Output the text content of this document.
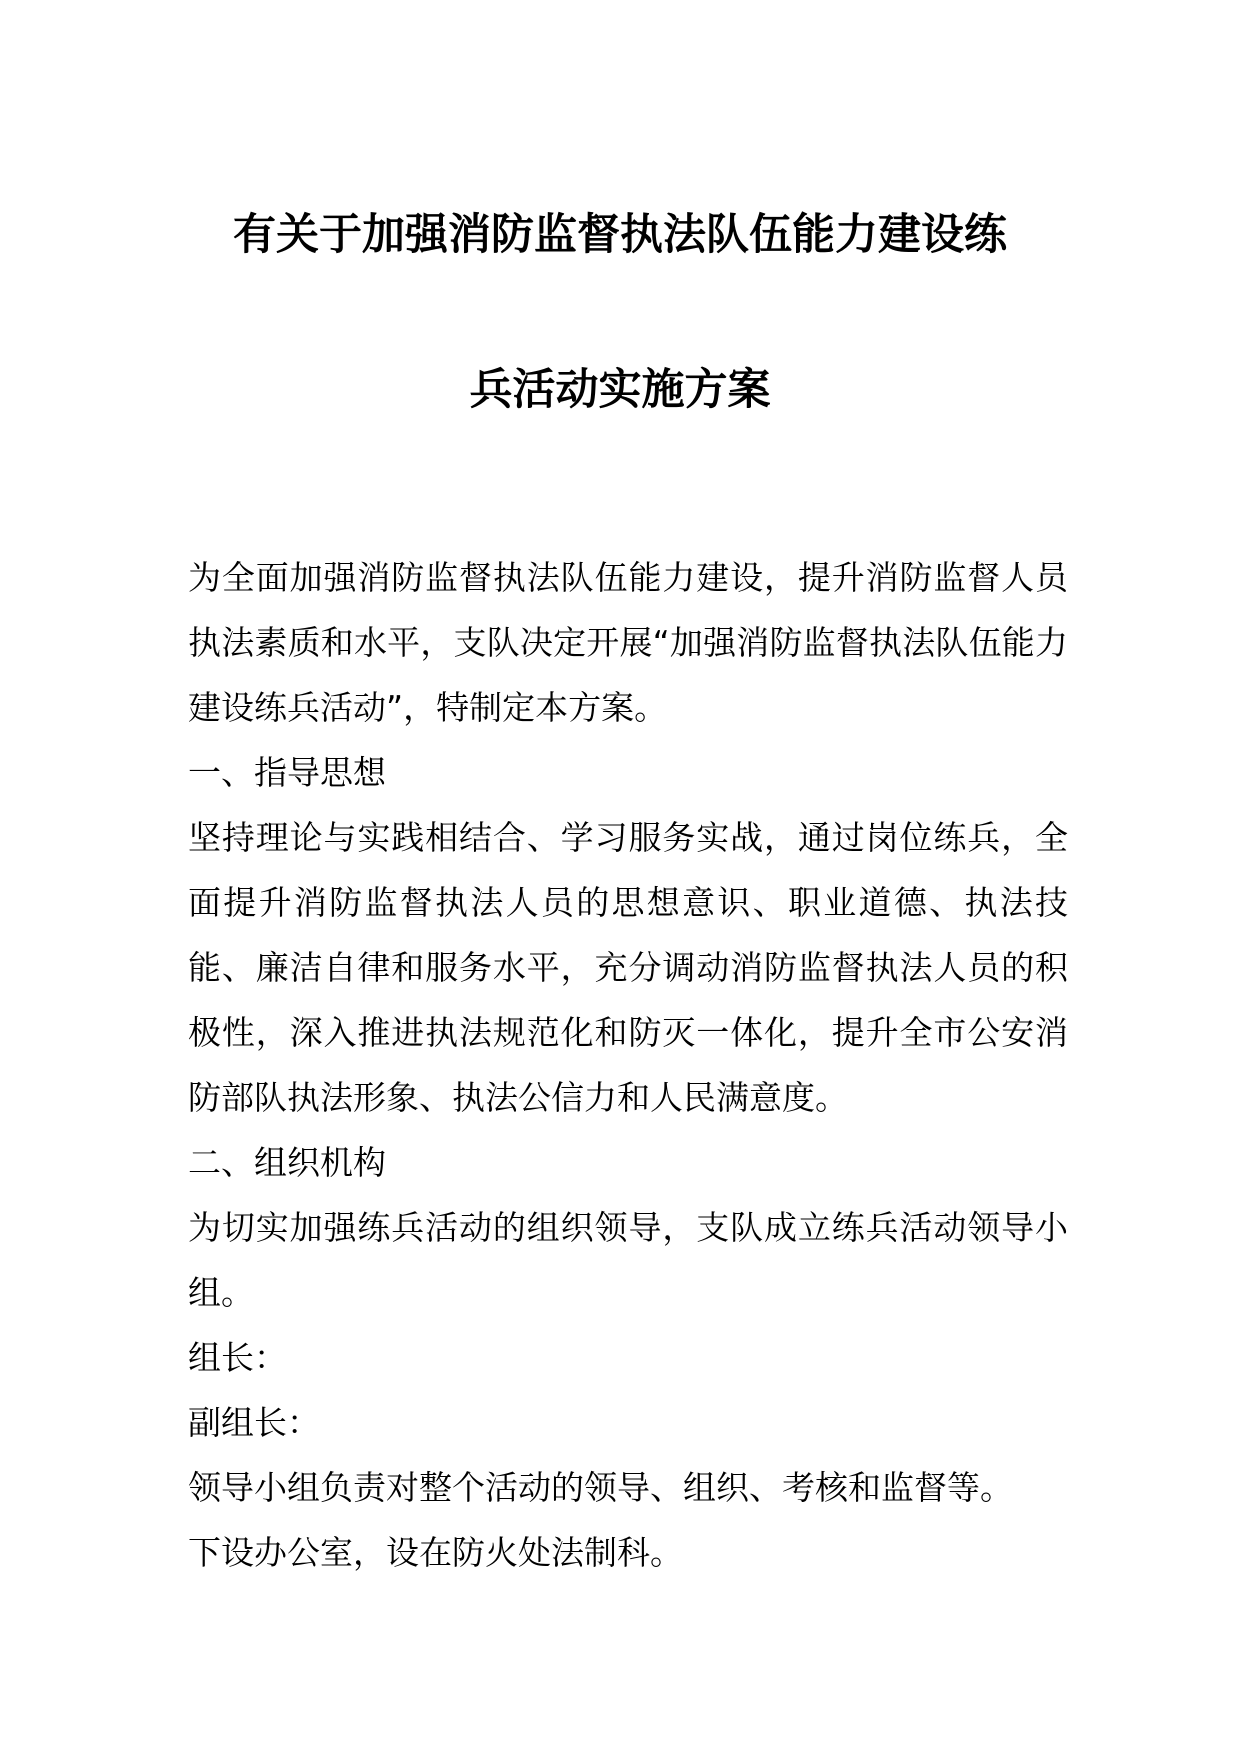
有关于加强消防监督执法队伍能力建设练
兵活动实施方案

为全面加强消防监督执法队伍能力建设，提升消防监督人员执法素质和水平，支队决定开展“加强消防监督执法队伍能力建设练兵活动”，特制定本方案。

一、指导思想

坚持理论与实践相结合、学习服务实战，通过岗位练兵，全面提升消防监督执法人员的思想意识、职业道德、执法技能、廉洁自律和服务水平，充分调动消防监督执法人员的积极性，深入推进执法规范化和防灭一体化，提升全市公安消防部队执法形象、执法公信力和人民满意度。

二、组织机构

为切实加强练兵活动的组织领导，支队成立练兵活动领导小组。

组长：

副组长：

领导小组负责对整个活动的领导、组织、考核和监督等。

下设办公室，设在防火处法制科。
